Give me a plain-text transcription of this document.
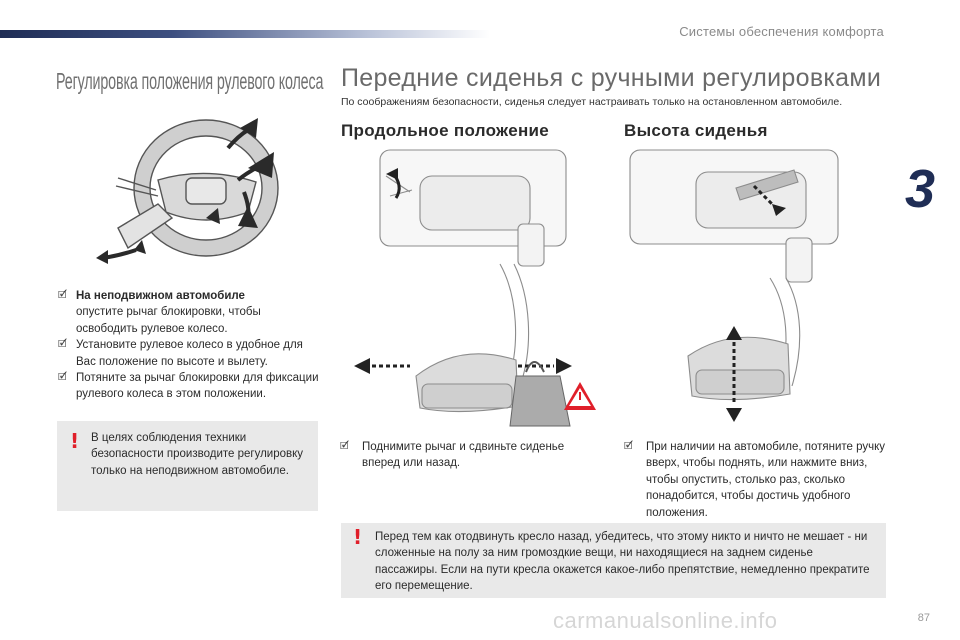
Системы обеспечения комфорта
3
Регулировка положения рулевого колеса
🗹 На неподвижном автомобиле
опустите рычаг блокировки, чтобы освободить рулевое колесо.
🗹 Установите рулевое колесо в удобное для Вас положение по высоте и вылету.
🗹 Потяните за рычаг блокировки для фиксации рулевого колеса в этом положении.
! В целях соблюдения техники безопасности производите регулировку только на неподвижном автомобиле.
Передние сиденья с ручными регулировками
По соображениям безопасности, сиденья следует настраивать только на остановленном автомобиле.
Продольное положение	Высота сиденья
🗹 Поднимите рычаг и сдвиньте сиденье вперед или назад.
🗹 При наличии на автомобиле, потяните ручку вверх, чтобы поднять, или нажмите вниз, чтобы опустить, столько раз, сколько понадобится, чтобы достичь удобного положения.
! Перед тем как отодвинуть кресло назад, убедитесь, что этому никто и ничто не мешает - ни сложенные на полу за ним громоздкие вещи, ни находящиеся на заднем сиденье пассажиры. Если на пути кресла окажется какое-либо препятствие, немедленно прекратите его перемещение.
carmanualsonline.info	87
